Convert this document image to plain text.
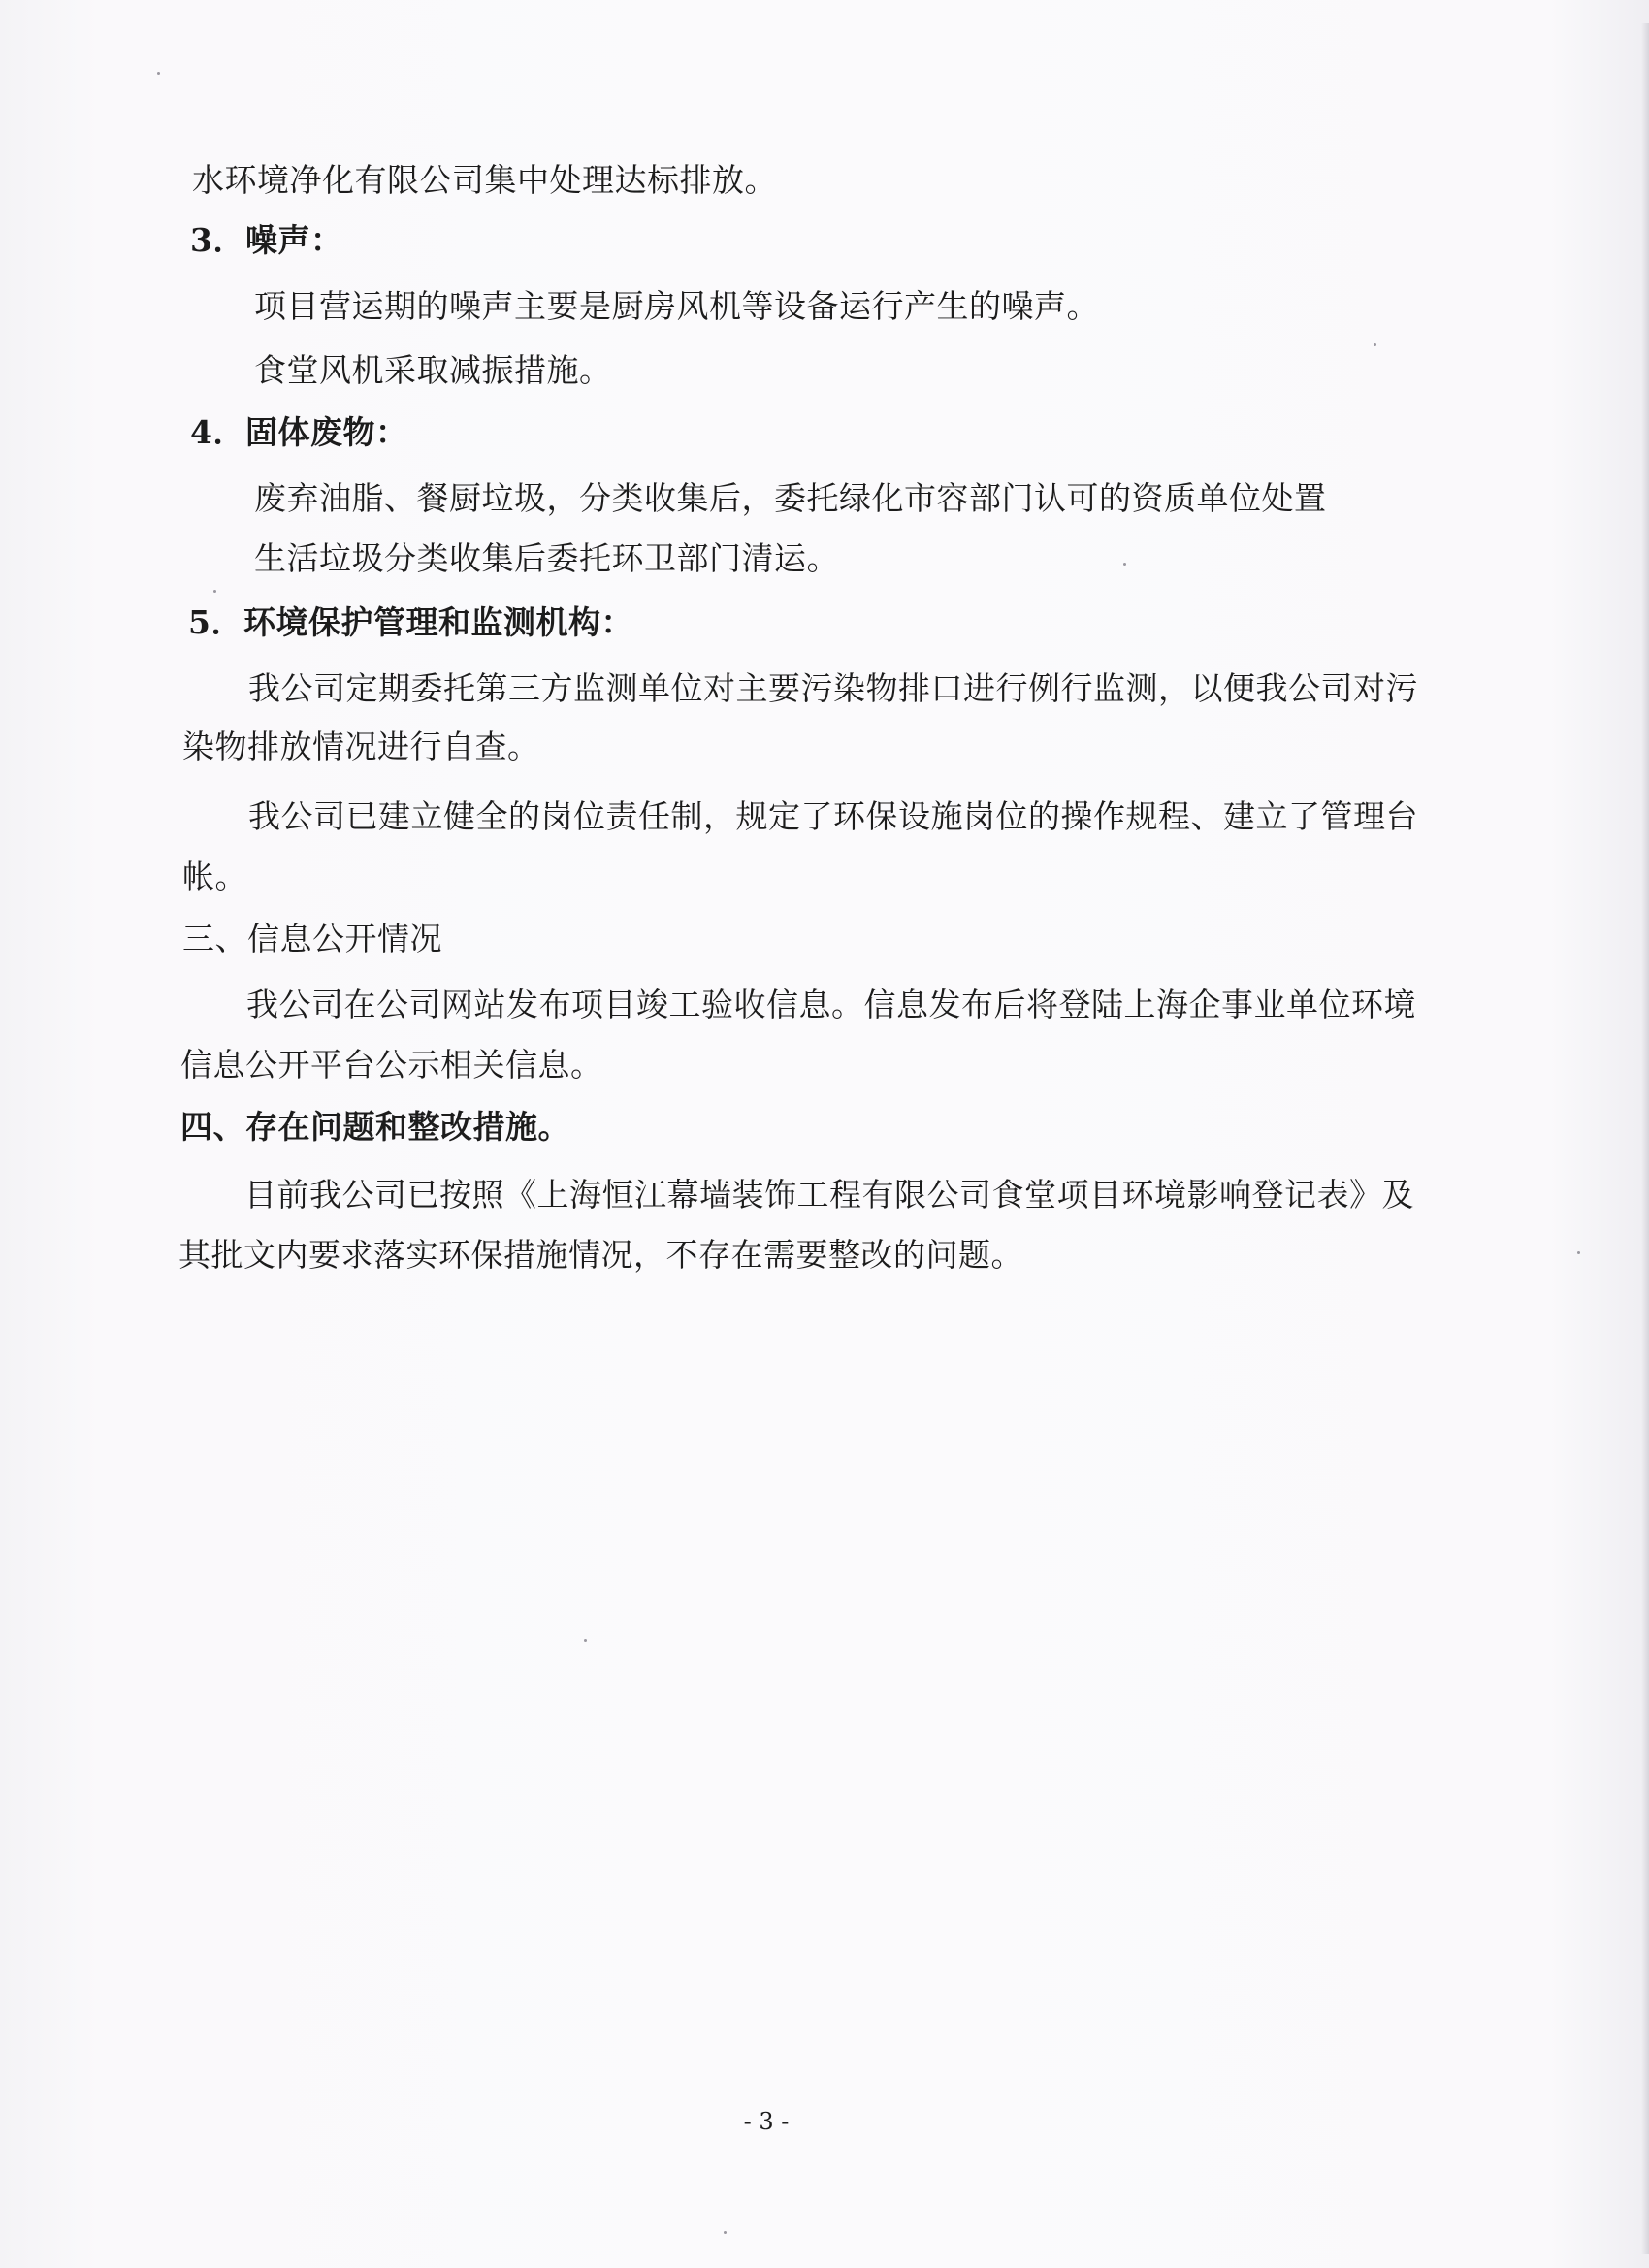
水环境净化有限公司集中处理达标排放。
3．噪声：
项目营运期的噪声主要是厨房风机等设备运行产生的噪声。
食堂风机采取减振措施。
4．固体废物：
废弃油脂、餐厨垃圾，分类收集后，委托绿化市容部门认可的资质单位处置
生活垃圾分类收集后委托环卫部门清运。
5．环境保护管理和监测机构：
我公司定期委托第三方监测单位对主要污染物排口进行例行监测，以便我公司对污
染物排放情况进行自查。
我公司已建立健全的岗位责任制，规定了环保设施岗位的操作规程、建立了管理台
帐。
三、信息公开情况
我公司在公司网站发布项目竣工验收信息。信息发布后将登陆上海企事业单位环境
信息公开平台公示相关信息。
四、存在问题和整改措施。
目前我公司已按照《上海恒江幕墙装饰工程有限公司食堂项目环境影响登记表》及
其批文内要求落实环保措施情况，不存在需要整改的问题。
- 3 -
